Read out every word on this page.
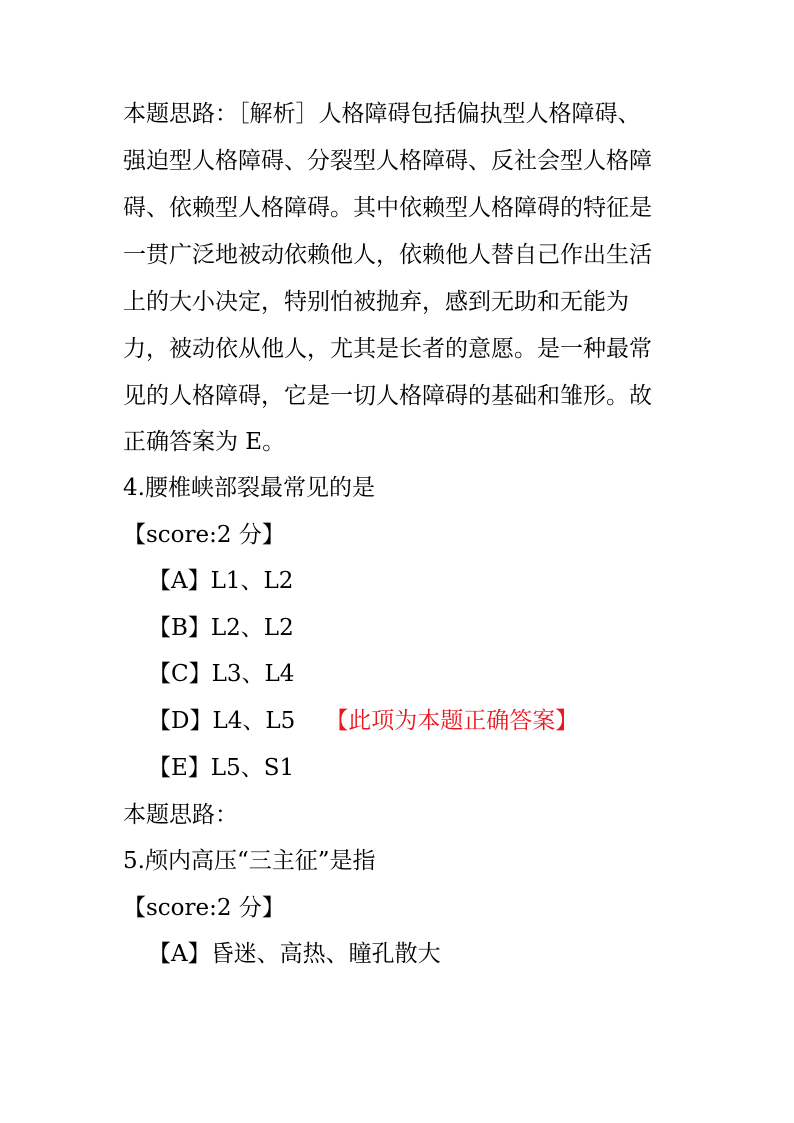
本题思路：［解析］人格障碍包括偏执型人格障碍、
强迫型人格障碍、分裂型人格障碍、反社会型人格障
碍、依赖型人格障碍。其中依赖型人格障碍的特征是
一贯广泛地被动依赖他人，依赖他人替自己作出生活
上的大小决定，特别怕被抛弃，感到无助和无能为
力，被动依从他人，尤其是长者的意愿。是一种最常
见的人格障碍，它是一切人格障碍的基础和雏形。故
正确答案为 E。
4.腰椎峡部裂最常见的是
【score:2 分】
【A】L1、L2
【B】L2、L2
【C】L3、L4
【D】L4、L5 【此项为本题正确答案】
【E】L5、S1
本题思路：
5.颅内高压“三主征”是指
【score:2 分】
【A】昏迷、高热、瞳孔散大
